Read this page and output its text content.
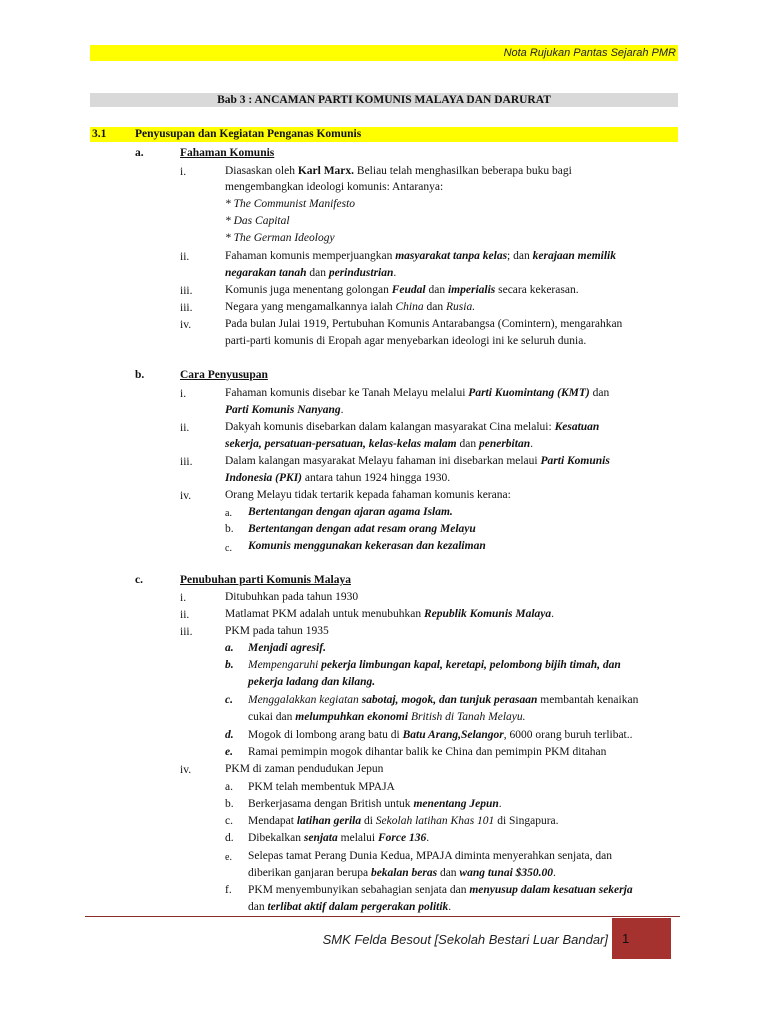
Nota Rujukan Pantas Sejarah PMR
Bab 3 : ANCAMAN PARTI KOMUNIS MALAYA DAN DARURAT
3.1 Penyusupan dan Kegiatan Penganas Komunis
a.	Fahaman Komunis
i.	Diasaskan oleh Karl Marx. Beliau telah menghasilkan beberapa buku bagi
mengembangkan ideologi komunis: Antaranya:
* The Communist Manifesto
* Das Capital
* The German Ideology
ii.	Fahaman komunis memperjuangkan masyarakat tanpa kelas; dan kerajaan memilik
negarakan tanah dan perindustrian.
iii.	Komunis juga menentang golongan Feudal dan imperialis secara kekerasan.
iii.	Negara yang mengamalkannya ialah China dan Rusia.
iv.	Pada bulan Julai 1919, Pertubuhan Komunis Antarabangsa (Comintern), mengarahkan
parti-parti komunis di Eropah agar menyebarkan ideologi ini ke seluruh dunia.
b.	Cara Penyusupan
i.	Fahaman komunis disebar ke Tanah Melayu melalui Parti Kuomintang (KMT) dan
Parti Komunis Nanyang.
ii.	Dakyah komunis disebarkan dalam kalangan masyarakat Cina melalui: Kesatuan
sekerja, persatuan-persatuan, kelas-kelas malam dan penerbitan.
iii.	Dalam kalangan masyarakat Melayu fahaman ini disebarkan melaui Parti Komunis
Indonesia (PKI) antara tahun 1924 hingga 1930.
iv.	Orang Melayu tidak tertarik kepada fahaman komunis kerana:
a. Bertentangan dengan ajaran agama Islam.
b. Bertentangan dengan adat resam orang Melayu
c. Komunis menggunakan kekerasan dan kezaliman
c.	Penubuhan parti Komunis Malaya
i.	Ditubuhkan pada tahun 1930
ii.	Matlamat PKM adalah untuk menubuhkan Republik Komunis Malaya.
iii.	PKM pada tahun 1935
a. Menjadi agresif.
b. Mempengaruhi pekerja limbungan kapal, keretapi, pelombong bijih timah, dan
pekerja ladang dan kilang.
c. Menggalakkan kegiatan sabotaj, mogok, dan tunjuk perasaan membantah kenaikan
cukai dan melumpuhkan ekonomi British di Tanah Melayu.
d. Mogok di lombong arang batu di Batu Arang,Selangor, 6000 orang buruh terlibat..
e. Ramai pemimpin mogok dihantar balik ke China dan pemimpin PKM ditahan
iv.	PKM di zaman pendudukan Jepun
a. PKM telah membentuk MPAJA
b. Berkerjasama dengan British untuk menentang Jepun.
c. Mendapat latihan gerila di Sekolah latihan Khas 101 di Singapura.
d. Dibekalkan senjata melalui Force 136.
e. Selepas tamat Perang Dunia Kedua, MPAJA diminta menyerahkan senjata, dan
diberikan ganjaran berupa bekalan beras dan wang tunai $350.00.
f. PKM menyembunyikan sebahagian senjata dan menyusup dalam kesatuan sekerja
dan terlibat aktif dalam pergerakan politik.
SMK Felda Besout [Sekolah Bestari Luar Bandar]	1
